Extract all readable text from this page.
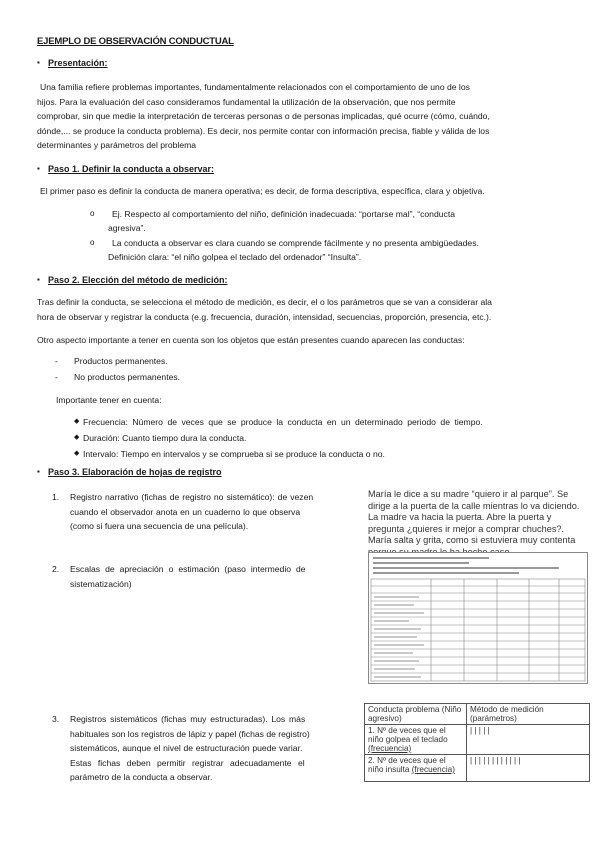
EJEMPLO DE OBSERVACIÓN CONDUCTUAL
▪ Presentación:
Una familia refiere problemas importantes, fundamentalmente relacionados con el comportamiento de uno de los
hijos. Para la evaluación del caso consideramos fundamental la utilización de la observación, que nos permite
comprobar, sin que medie la interpretación de terceras personas o de personas implicadas, qué ocurre (cómo, cuándo,
dónde,... se produce la conducta problema). Es decir, nos permite contar con información precisa, fiable y válida de los
determinantes y parámetros del problema
▪ Paso 1. Definir la conducta a observar:
El primer paso es definir la conducta de manera operativa; es decir, de forma descriptiva, específica, clara y objetiva.
o Ej. Respecto al comportamiento del niño, definición inadecuada: “portarse mal”, “conducta
agresiva”.
o La conducta a observar es clara cuando se comprende fácilmente y no presenta ambigüedades.
Definición clara: “el niño golpea el teclado del ordenador” “Insulta”.
▪ Paso 2. Elección del método de medición:
Tras definir la conducta, se selecciona el método de medición, es decir, el o los parámetros que se van a considerar ala
hora de observar y registrar la conducta (e.g. frecuencia, duración, intensidad, secuencias, proporción, presencia, etc.).
Otro aspecto importante a tener en cuenta son los objetos que están presentes cuando aparecen las conductas:
- Productos permanentes.
- No productos permanentes.
Importante tener en cuenta:
◆ Frecuencia: Número de veces que se produce la conducta en un determinado periodo de tiempo.
◆ Duración: Cuanto tiempo dura la conducta.
◆ Intervalo: Tiempo en intervalos y se comprueba si se produce la conducta o no.
▪ Paso 3. Elaboración de hojas de registro
1. Registro narrativo (fichas de registro no sistemático): de vezen
cuando el observador anota en un cuaderno lo que observa
(como si fuera una secuencia de una película).
2. Escalas de apreciación o estimación (paso intermedio de
sistematización)
3. Registros sistemáticos (fichas muy estructuradas). Los más
habituales son los registros de lápiz y papel (fichas de registro)
sistemáticos, aunque el nivel de estructuración puede variar.
Estas fichas deben permitir registrar adecuadamente el
parámetro de la conducta a observar.
María le dice a su madre “quiero ir al parque”. Se dirige a la puerta de la calle mientras lo va diciendo. La madre va hacia la puerta. Abre la puerta y pregunta ¿quieres ir mejor a comprar chuches?. María salta y grita, como si estuviera muy contenta
Conducta problema (Niño agresivo)	Método de medición (parámetros)
1. Nº de veces que el niño golpea el teclado (frecuencia)	| | | | |
2. Nº de veces que el niño insulta (frecuencia)	| | | | | | | | | | | |
